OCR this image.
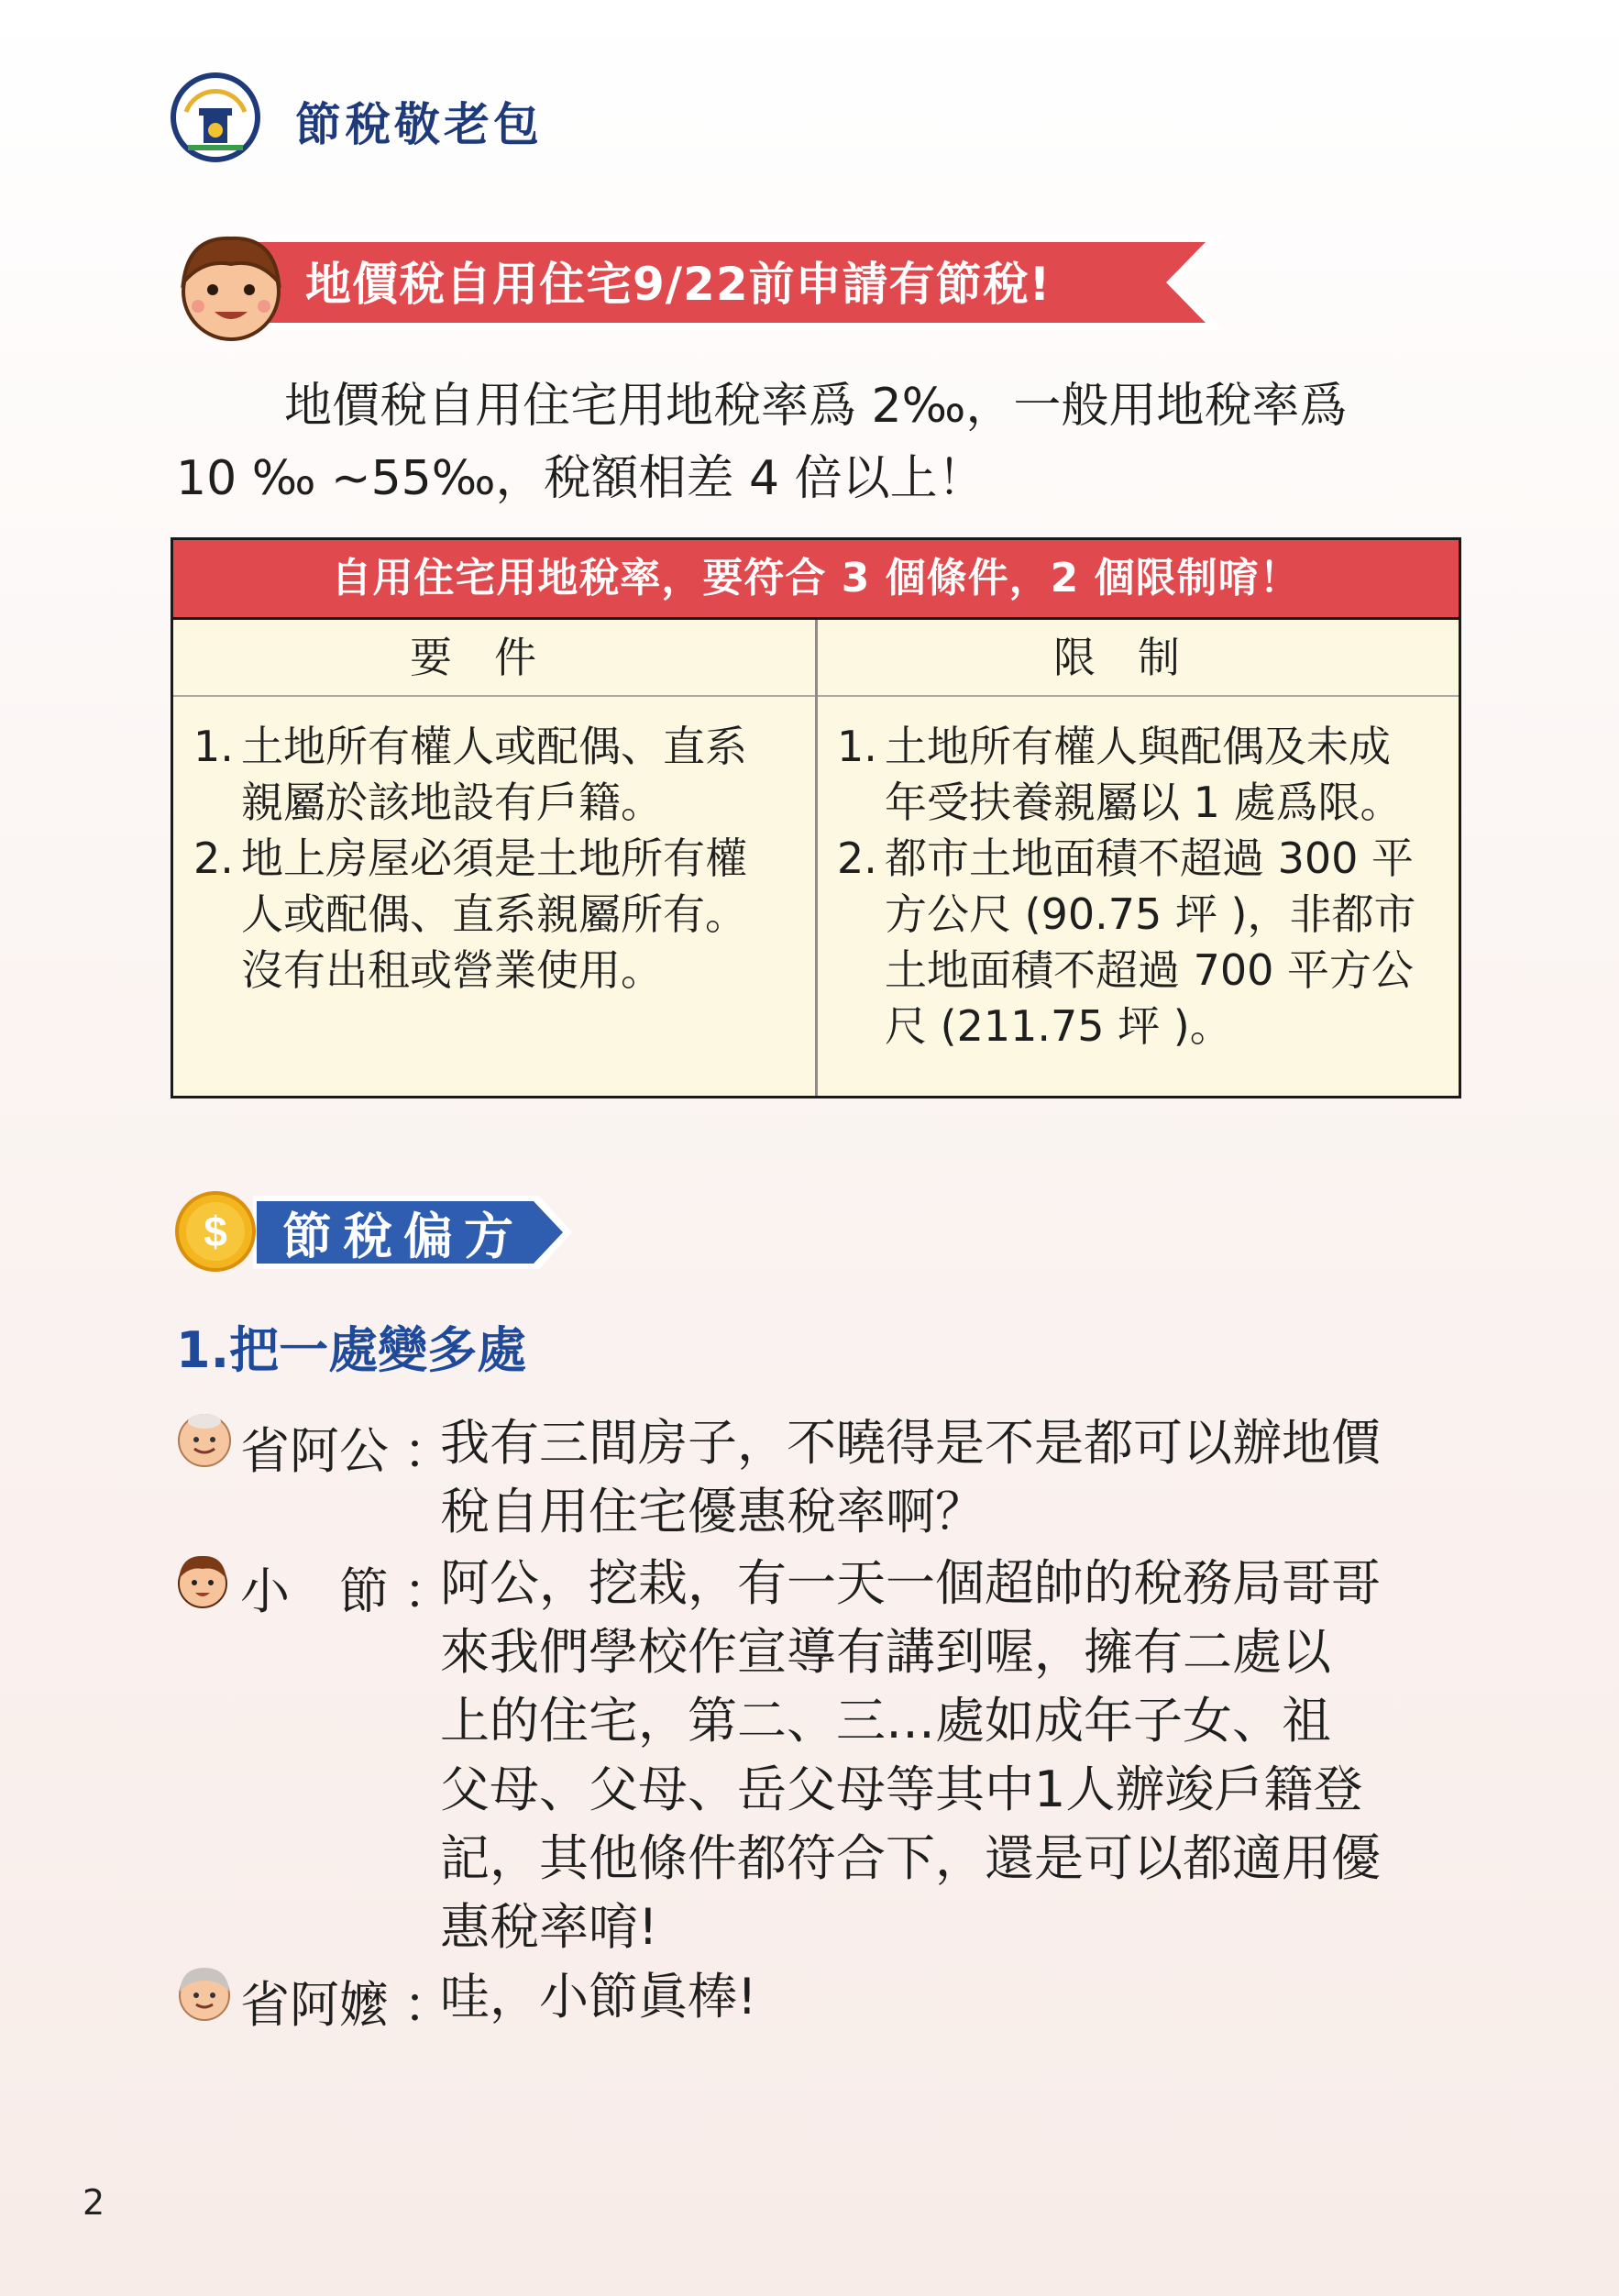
節稅敬老包
地價稅自用住宅9/22前申請有節稅!

地價稅自用住宅用地稅率爲 2‰，一般用地稅率爲

10 ‰ ~55‰，稅額相差 4 倍以上！

自用住宅用地稅率，要符合 3 個條件，2 個限制唷！
要件	限制
1. 土地所有權人或配偶、直系
親屬於該地設有戶籍。
2. 地上房屋必須是土地所有權
人或配偶、直系親屬所有。
沒有出租或營業使用。
1. 土地所有權人與配偶及未成
年受扶養親屬以 1 處爲限。
2. 都市土地面積不超過 300 平
方公尺 (90.75 坪 )，非都市
土地面積不超過 700 平方公
尺 (211.75 坪 )。
$ 節稅偏方
1.把一處變多處
省阿公 ：
我有三間房子，不曉得是不是都可以辦地價
稅自用住宅優惠稅率啊？
小　節 ：
阿公，挖栽，有一天一個超帥的稅務局哥哥
來我們學校作宣導有講到喔，擁有二處以
上的住宅，第二、三…處如成年子女、祖
父母、父母、岳父母等其中1人辦竣戶籍登
記，其他條件都符合下，還是可以都適用優
惠稅率唷!
省阿嬤 ：
哇，小節眞棒!
2
